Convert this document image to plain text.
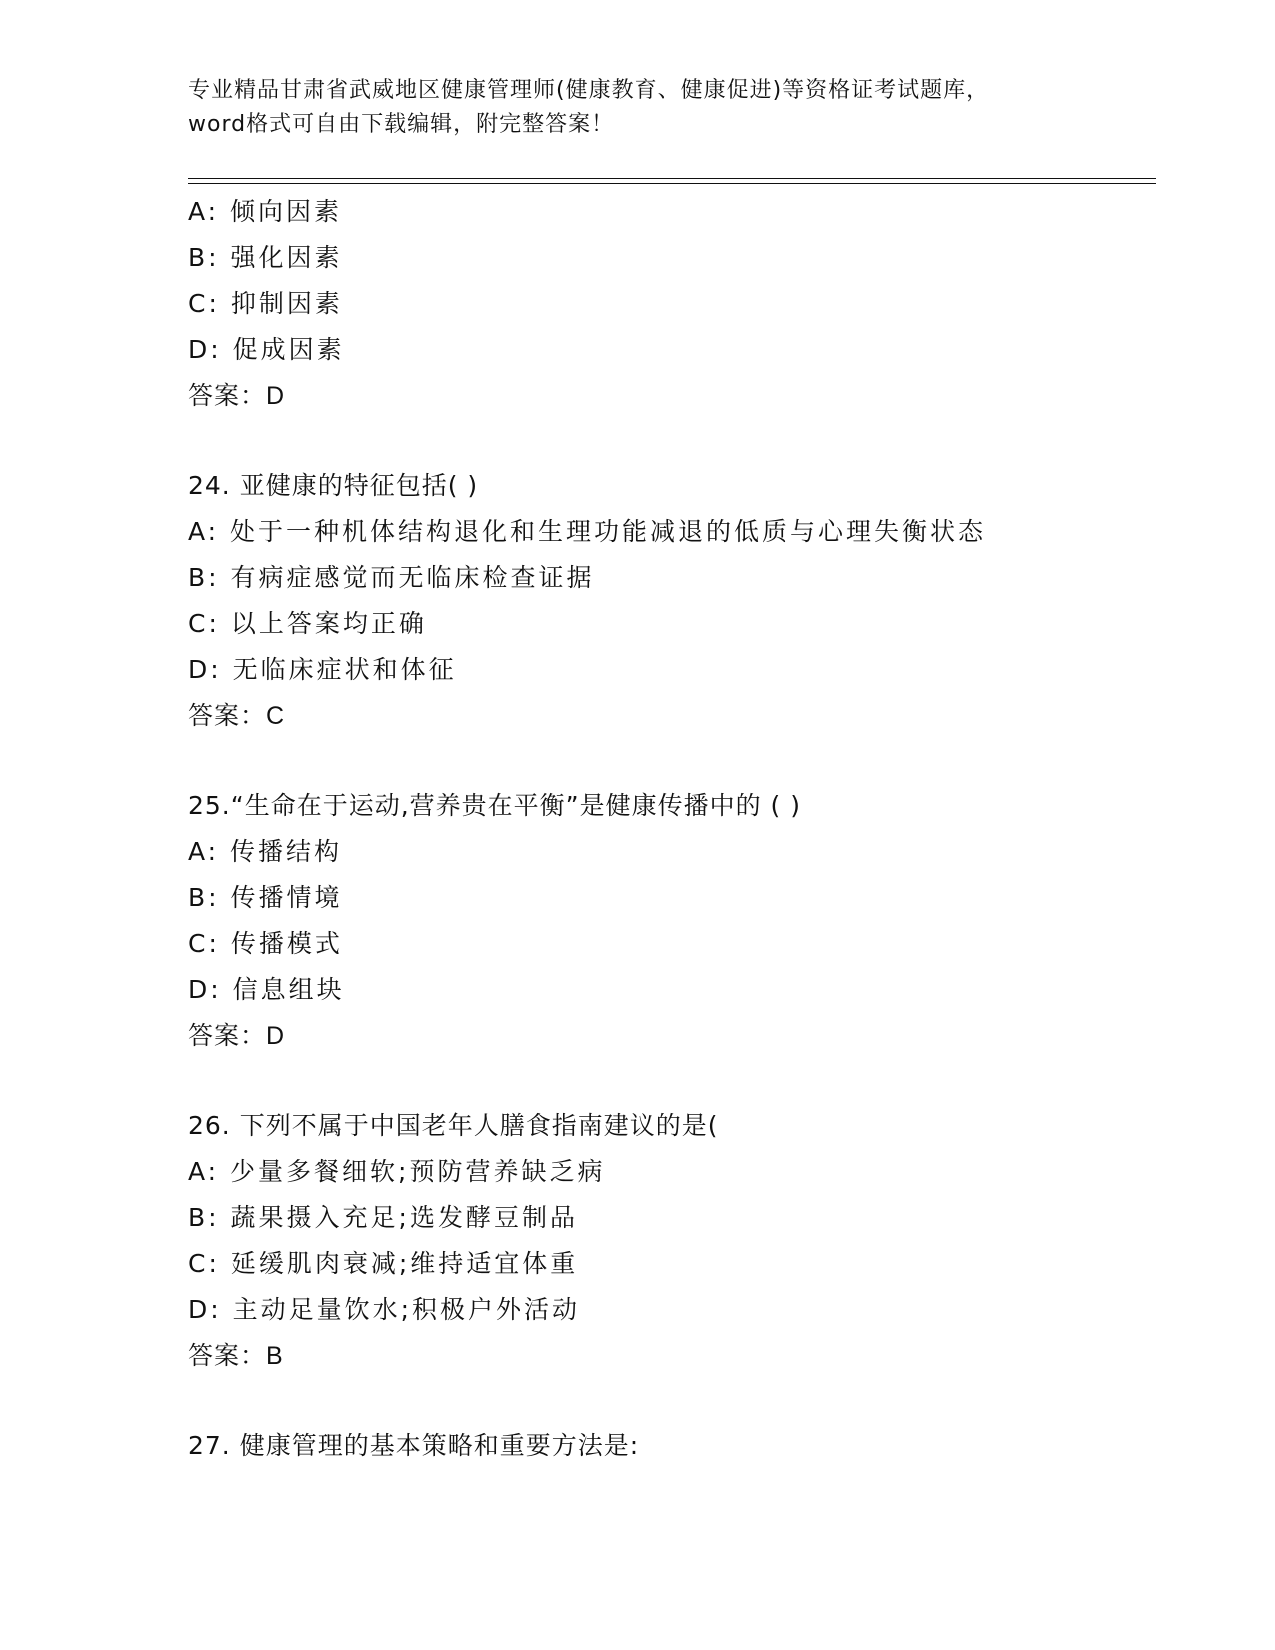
专业精品甘肃省武威地区健康管理师(健康教育、健康促进)等资格证考试题库，
word格式可自由下载编辑，附完整答案！
A: 倾向因素
B: 强化因素
C: 抑制因素
D: 促成因素
答案：D
24. 亚健康的特征包括( )
A: 处于一种机体结构退化和生理功能减退的低质与心理失衡状态
B: 有病症感觉而无临床检查证据
C: 以上答案均正确
D: 无临床症状和体征
答案：C
25.“生命在于运动,营养贵在平衡”是健康传播中的 ( )
A: 传播结构
B: 传播情境
C: 传播模式
D: 信息组块
答案：D
26. 下列不属于中国老年人膳食指南建议的是(
A: 少量多餐细软;预防营养缺乏病
B: 蔬果摄入充足;选发酵豆制品
C: 延缓肌肉衰减;维持适宜体重
D: 主动足量饮水;积极户外活动
答案：B
27. 健康管理的基本策略和重要方法是:
